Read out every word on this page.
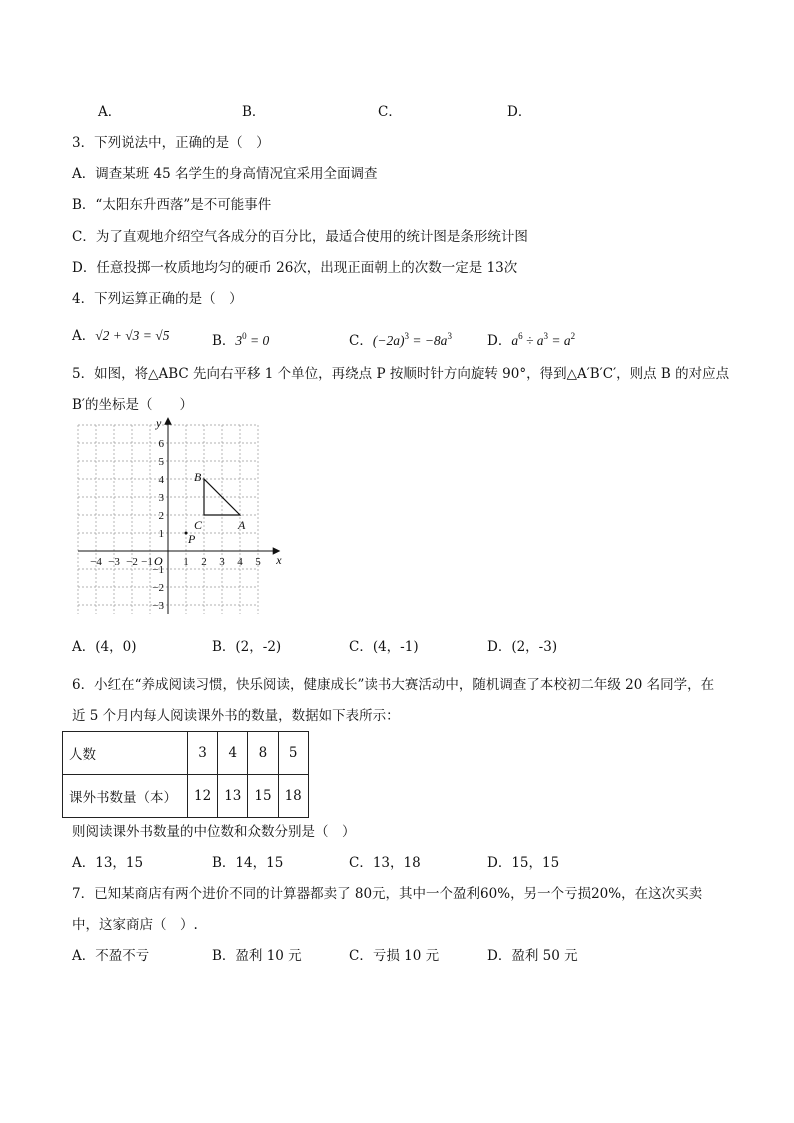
A．	B．	C．	D．
3．下列说法中，正确的是（　）
A．调查某班 45 名学生的身高情况宜采用全面调查
B．“太阳东升西落”是不可能事件
C．为了直观地介绍空气各成分的百分比，最适合使用的统计图是条形统计图
D．任意投掷一枚质地均匀的硬币 26次，出现正面朝上的次数一定是 13次
4．下列运算正确的是（　）
A．√2 + √3 = √5	B．$3^0 = 0$	C．$(-2a)^3 = -8a^3$	D．$a^6 \div a^3 = a^2$
5．如图，将△ABC 先向右平移 1 个单位，再绕点 P 按顺时针方向旋转 90°，得到△A′B′C′，则点 B 的对应点
B′的坐标是（　　）
−4 −3 −2 −1	1 2 3 4 5
6
5
4
3
2
1
−1
−2
−3
A
B
C
P
x
y
O
A．(4，0)	B．(2，-2)	C．(4，-1)	D．(2，-3)
6．小红在“养成阅读习惯，快乐阅读，健康成长”读书大赛活动中，随机调查了本校初二年级 20 名同学，在
近 5 个月内每人阅读课外书的数量，数据如下表所示：
人数	3	4	8	5
课外书数量（本）	12	13	15	18
则阅读课外书数量的中位数和众数分别是（　）
A．13，15	B．14，15	C．13，18	D．15，15
7．已知某商店有两个进价不同的计算器都卖了 80元，其中一个盈利60%，另一个亏损20%，在这次买卖
中，这家商店（　）.
A．不盈不亏	B．盈利 10 元	C．亏损 10 元	D．盈利 50 元
